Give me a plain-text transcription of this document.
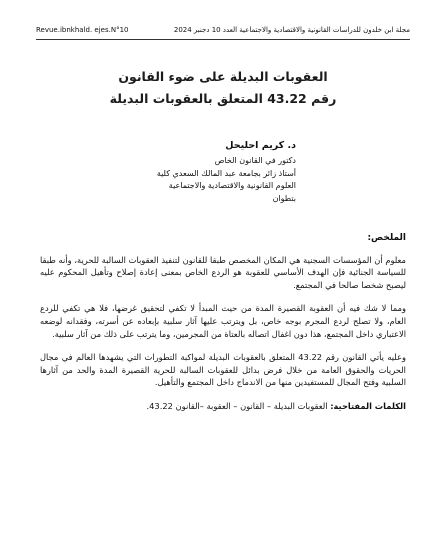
مجلة ابن خلدون للدراسات القانونية والاقتصادية والاجتماعية العدد 10 دجنبر 2024
Revue.ibnkhald. ejes.N°10
العقوبات البديلة على ضوء القانون
رقم 43.22 المتعلق بالعقوبات البديلة
د. كريم احليحل
دكتور في القانون الخاص
أستاذ زائر بجامعة عبد المالك السعدي كلية
العلوم القانونية والاقتصادية والاجتماعية
بتطوان
الملخص:

معلوم أن المؤسسات السجنية هي المكان المخصص طبقا للقانون لتنفيذ العقوبات السالبة للحرية، وأنه طبقا للسياسة الجنائية فإن الهدف الأساسي للعقوبة هو الردع الخاص بمعنى إعادة إصلاح وتأهيل المحكوم عليه ليصبح شخصا صالحا في المجتمع.

ومما لا شك فيه أن العقوبة القصيرة المدة من حيث المبدأ لا تكفي لتحقيق غرضها، فلا هي تكفي للردع العام، ولا تصلح لردع المجرم بوجه خاص، بل ويترتب عليها آثار سلبية بإبعاده عن أسرته، وفقدانه لوضعه الاعتباري داخل المجتمع، هذا دون اغفال اتصاله بالعتاة من المجرمين، وما يترتب على ذلك من آثار سلبية.

وعليه يأتي القانون رقم 43.22 المتعلق بالعقوبات البديلة لمواكبة التطورات التي يشهدها العالم في مجال الحريات والحقوق العامة من خلال فرض بدائل للعقوبات السالبة للحرية القصيرة المدة والحد من آثارها السلبية وفتح المجال للمستفيدين منها من الاندماج داخل المجتمع والتأهيل.

الكلمات المفتاحية: العقوبات البديلة – القانون – العقوبة –القانون 43.22.
